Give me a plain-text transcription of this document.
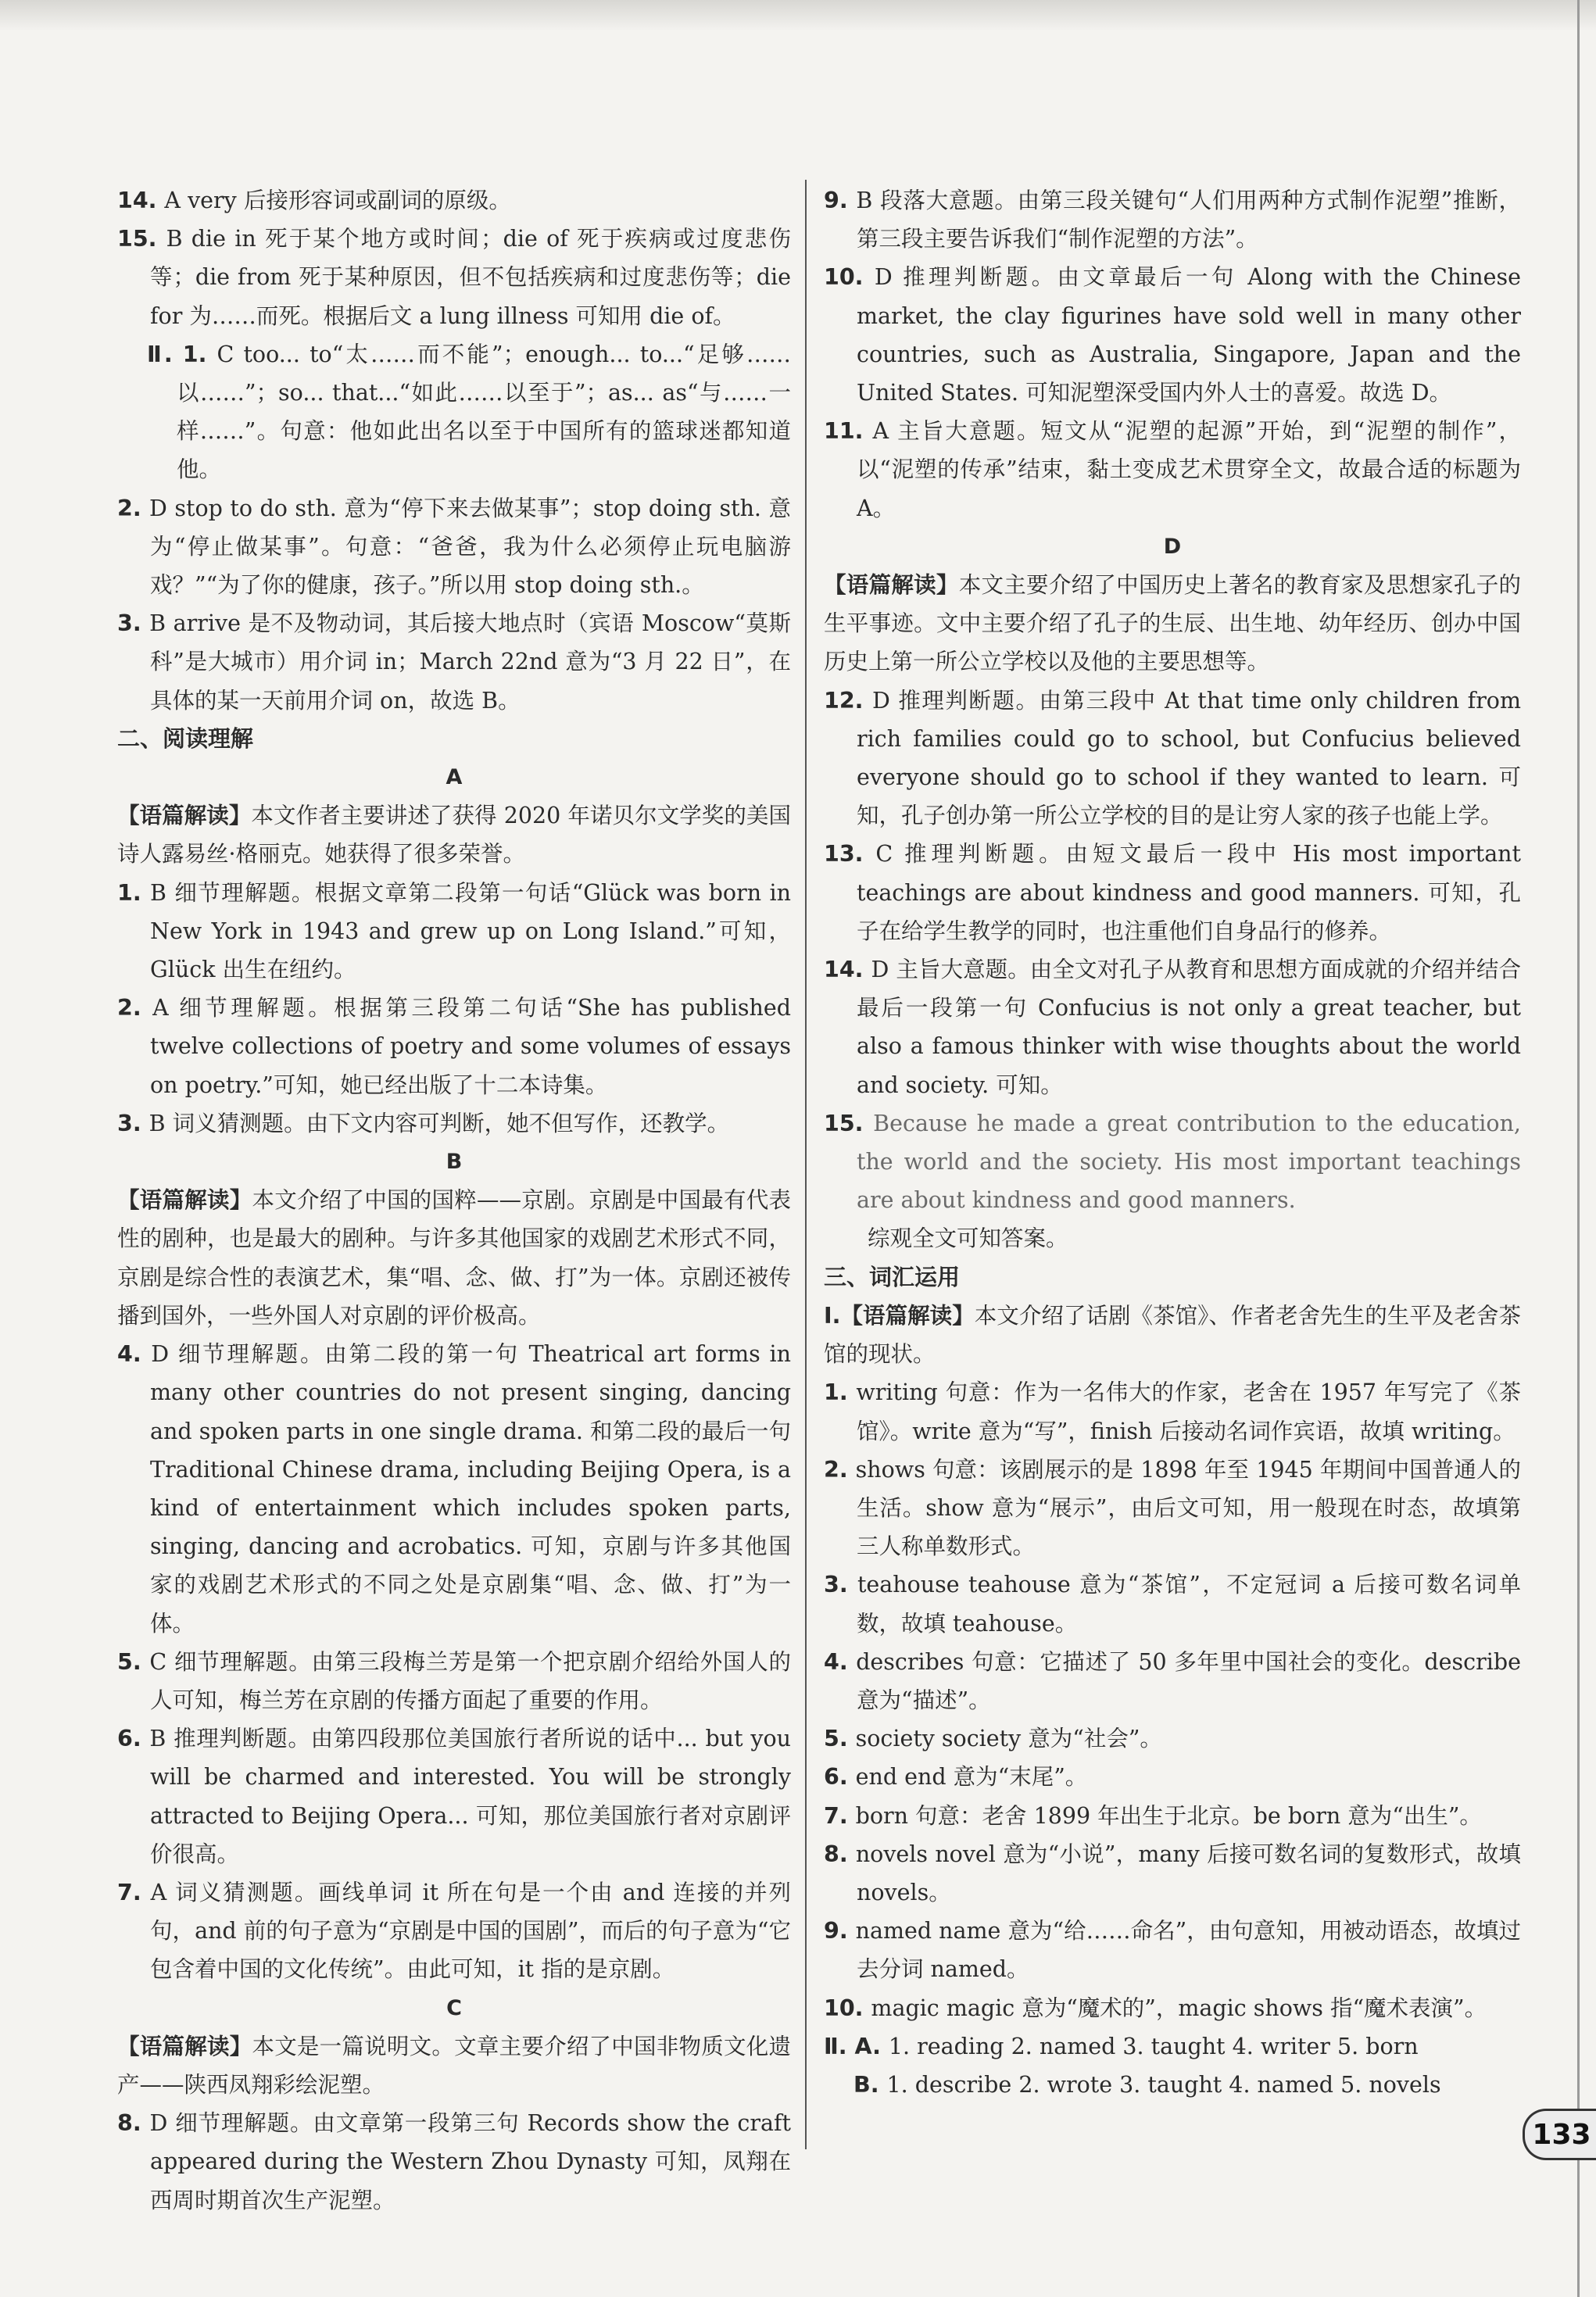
14. A very 后接形容词或副词的原级。
15. B die in 死于某个地方或时间；die of 死于疾病或过度悲伤等；die from 死于某种原因，但不包括疾病和过度悲伤等；die for 为……而死。根据后文 a lung illness 可知用 die of。
Ⅱ. 1. C too... to“太……而不能”；enough... to...“足够……以……”；so... that...“如此……以至于”；as... as“与……一样……”。句意：他如此出名以至于中国所有的篮球迷都知道他。
2. D stop to do sth. 意为“停下来去做某事”；stop doing sth. 意为“停止做某事”。句意：“爸爸，我为什么必须停止玩电脑游戏？”“为了你的健康，孩子。”所以用 stop doing sth.。
3. B arrive 是不及物动词，其后接大地点时（宾语 Moscow“莫斯科”是大城市）用介词 in；March 22nd 意为“3 月 22 日”，在具体的某一天前用介词 on，故选 B。
二、阅读理解
A
【语篇解读】本文作者主要讲述了获得 2020 年诺贝尔文学奖的美国诗人露易丝·格丽克。她获得了很多荣誉。
1. B 细节理解题。根据文章第二段第一句话“Glück was born in New York in 1943 and grew up on Long Island.”可知，Glück 出生在纽约。
2. A 细节理解题。根据第三段第二句话“She has published twelve collections of poetry and some volumes of essays on poetry.”可知，她已经出版了十二本诗集。
3. B 词义猜测题。由下文内容可判断，她不但写作，还教学。
B
【语篇解读】本文介绍了中国的国粹——京剧。京剧是中国最有代表性的剧种，也是最大的剧种。与许多其他国家的戏剧艺术形式不同，京剧是综合性的表演艺术，集“唱、念、做、打”为一体。京剧还被传播到国外，一些外国人对京剧的评价极高。
4. D 细节理解题。由第二段的第一句 Theatrical art forms in many other countries do not present singing, dancing and spoken parts in one single drama. 和第二段的最后一句 Traditional Chinese drama, including Beijing Opera, is a kind of entertainment which includes spoken parts, singing, dancing and acrobatics. 可知，京剧与许多其他国家的戏剧艺术形式的不同之处是京剧集“唱、念、做、打”为一体。
5. C 细节理解题。由第三段梅兰芳是第一个把京剧介绍给外国人的人可知，梅兰芳在京剧的传播方面起了重要的作用。
6. B 推理判断题。由第四段那位美国旅行者所说的话中... but you will be charmed and interested. You will be strongly attracted to Beijing Opera... 可知，那位美国旅行者对京剧评价很高。
7. A 词义猜测题。画线单词 it 所在句是一个由 and 连接的并列句，and 前的句子意为“京剧是中国的国剧”，而后的句子意为“它包含着中国的文化传统”。由此可知，it 指的是京剧。
C
【语篇解读】本文是一篇说明文。文章主要介绍了中国非物质文化遗产——陕西凤翔彩绘泥塑。
8. D 细节理解题。由文章第一段第三句 Records show the craft appeared during the Western Zhou Dynasty 可知，凤翔在西周时期首次生产泥塑。
9. B 段落大意题。由第三段关键句“人们用两种方式制作泥塑”推断，第三段主要告诉我们“制作泥塑的方法”。
10. D 推理判断题。由文章最后一句 Along with the Chinese market, the clay figurines have sold well in many other countries, such as Australia, Singapore, Japan and the United States. 可知泥塑深受国内外人士的喜爱。故选 D。
11. A 主旨大意题。短文从“泥塑的起源”开始，到“泥塑的制作”，以“泥塑的传承”结束，黏土变成艺术贯穿全文，故最合适的标题为 A。
D
【语篇解读】本文主要介绍了中国历史上著名的教育家及思想家孔子的生平事迹。文中主要介绍了孔子的生辰、出生地、幼年经历、创办中国历史上第一所公立学校以及他的主要思想等。
12. D 推理判断题。由第三段中 At that time only children from rich families could go to school, but Confucius believed everyone should go to school if they wanted to learn. 可知，孔子创办第一所公立学校的目的是让穷人家的孩子也能上学。
13. C 推理判断题。由短文最后一段中 His most important teachings are about kindness and good manners. 可知，孔子在给学生教学的同时，也注重他们自身品行的修养。
14. D 主旨大意题。由全文对孔子从教育和思想方面成就的介绍并结合最后一段第一句 Confucius is not only a great teacher, but also a famous thinker with wise thoughts about the world and society. 可知。
15. Because he made a great contribution to the education, the world and the society. His most important teachings are about kindness and good manners.
综观全文可知答案。
三、词汇运用
Ⅰ.【语篇解读】本文介绍了话剧《茶馆》、作者老舍先生的生平及老舍茶馆的现状。
1. writing 句意：作为一名伟大的作家，老舍在 1957 年写完了《茶馆》。write 意为“写”，finish 后接动名词作宾语，故填 writing。
2. shows 句意：该剧展示的是 1898 年至 1945 年期间中国普通人的生活。show 意为“展示”，由后文可知，用一般现在时态，故填第三人称单数形式。
3. teahouse teahouse 意为“茶馆”，不定冠词 a 后接可数名词单数，故填 teahouse。
4. describes 句意：它描述了 50 多年里中国社会的变化。describe 意为“描述”。
5. society society 意为“社会”。
6. end end 意为“末尾”。
7. born 句意：老舍 1899 年出生于北京。be born 意为“出生”。
8. novels novel 意为“小说”，many 后接可数名词的复数形式，故填 novels。
9. named name 意为“给……命名”，由句意知，用被动语态，故填过去分词 named。
10. magic magic 意为“魔术的”，magic shows 指“魔术表演”。
Ⅱ. A. 1. reading 2. named 3. taught 4. writer 5. born
B. 1. describe 2. wrote 3. taught 4. named 5. novels
133
